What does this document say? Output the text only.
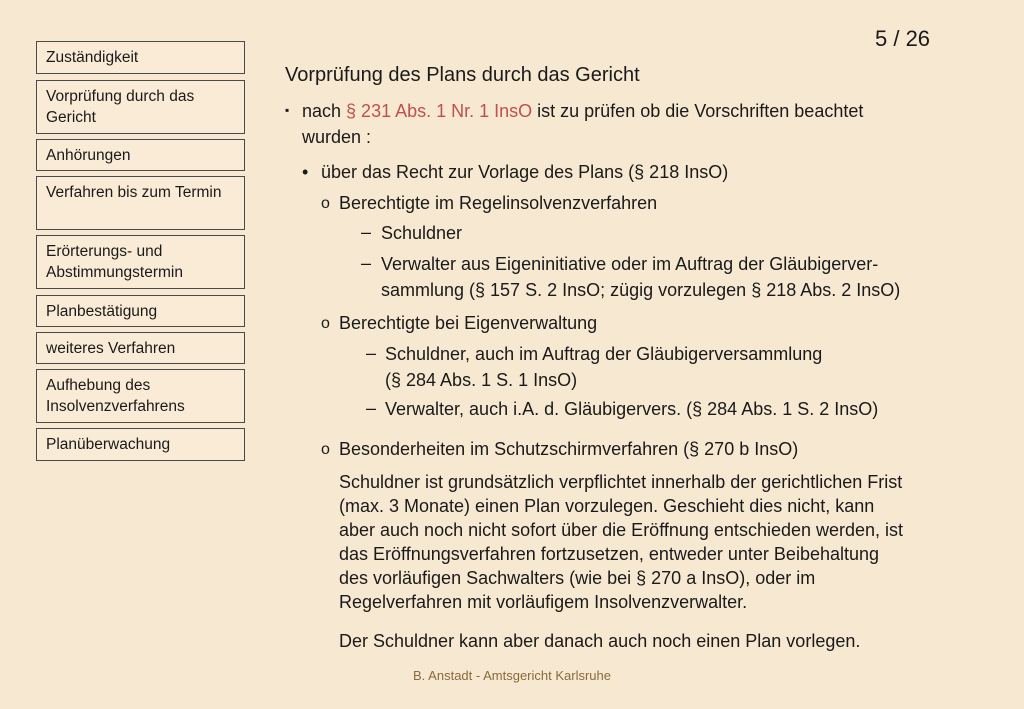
Zuständigkeit
Vorprüfung durch das Gericht
Anhörungen
Verfahren bis zum Termin
Erörterungs- und Abstimmungstermin
Planbestätigung
weiteres Verfahren
Aufhebung des Insolvenzverfahrens
Planüberwachung
5 / 26
Vorprüfung des Plans durch das Gericht
▪ nach § 231 Abs. 1 Nr. 1 InsO ist zu prüfen ob die Vorschriften beachtet
wurden :
• über das Recht zur Vorlage des Plans (§ 218 InsO)
o Berechtigte im Regelinsolvenzverfahren
– Schuldner
– Verwalter aus Eigeninitiative oder im Auftrag der Gläubigerver-
sammlung (§ 157 S. 2 InsO; zügig vorzulegen § 218 Abs. 2 InsO)
o Berechtigte bei Eigenverwaltung
– Schuldner, auch im Auftrag der Gläubigerversammlung
(§ 284 Abs. 1 S. 1 InsO)
– Verwalter, auch i.A. d. Gläubigervers. (§ 284 Abs. 1 S. 2 InsO)
o Besonderheiten im Schutzschirmverfahren (§ 270 b InsO)
Schuldner ist grundsätzlich verpflichtet innerhalb der gerichtlichen Frist
(max. 3 Monate) einen Plan vorzulegen. Geschieht dies nicht, kann
aber auch noch nicht sofort über die Eröffnung entschieden werden, ist
das Eröffnungsverfahren fortzusetzen, entweder unter Beibehaltung
des vorläufigen Sachwalters (wie bei § 270 a InsO), oder im
Regelverfahren mit vorläufigem Insolvenzverwalter.
Der Schuldner kann aber danach auch noch einen Plan vorlegen.
B. Anstadt - Amtsgericht Karlsruhe
